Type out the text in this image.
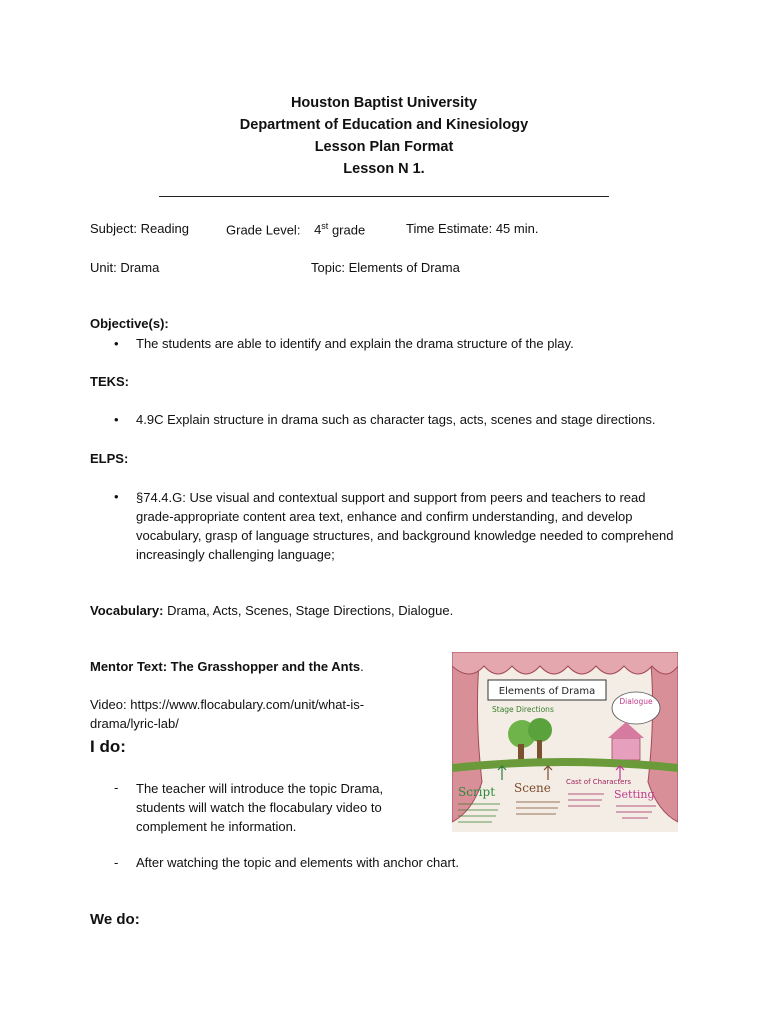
Houston Baptist University
Department of Education and Kinesiology
Lesson Plan Format
Lesson N 1.
Subject: Reading	Grade Level: 4st grade	Time Estimate: 45 min.
Unit: Drama	Topic: Elements of Drama
Objective(s):
• The students are able to identify and explain the drama structure of the play.
TEKS:
• 4.9C Explain structure in drama such as character tags, acts, scenes and stage directions.
ELPS:
• §74.4.G: Use visual and contextual support and support from peers and teachers to read grade-appropriate content area text, enhance and confirm understanding, and develop vocabulary, grasp of language structures, and background knowledge needed to comprehend increasingly challenging language;
Vocabulary: Drama, Acts, Scenes, Stage Directions, Dialogue.
Mentor Text: The Grasshopper and the Ants.
Video: https://www.flocabulary.com/unit/what-is-
drama/lyric-lab/
I do:
- The teacher will introduce the topic Drama, students will watch the flocabulary video to complement he information.
- After watching the topic and elements with anchor chart.
We do:
Elements of Drama
Stage Directions
Dialogue
Script Scene Cast of Characters
Setting
